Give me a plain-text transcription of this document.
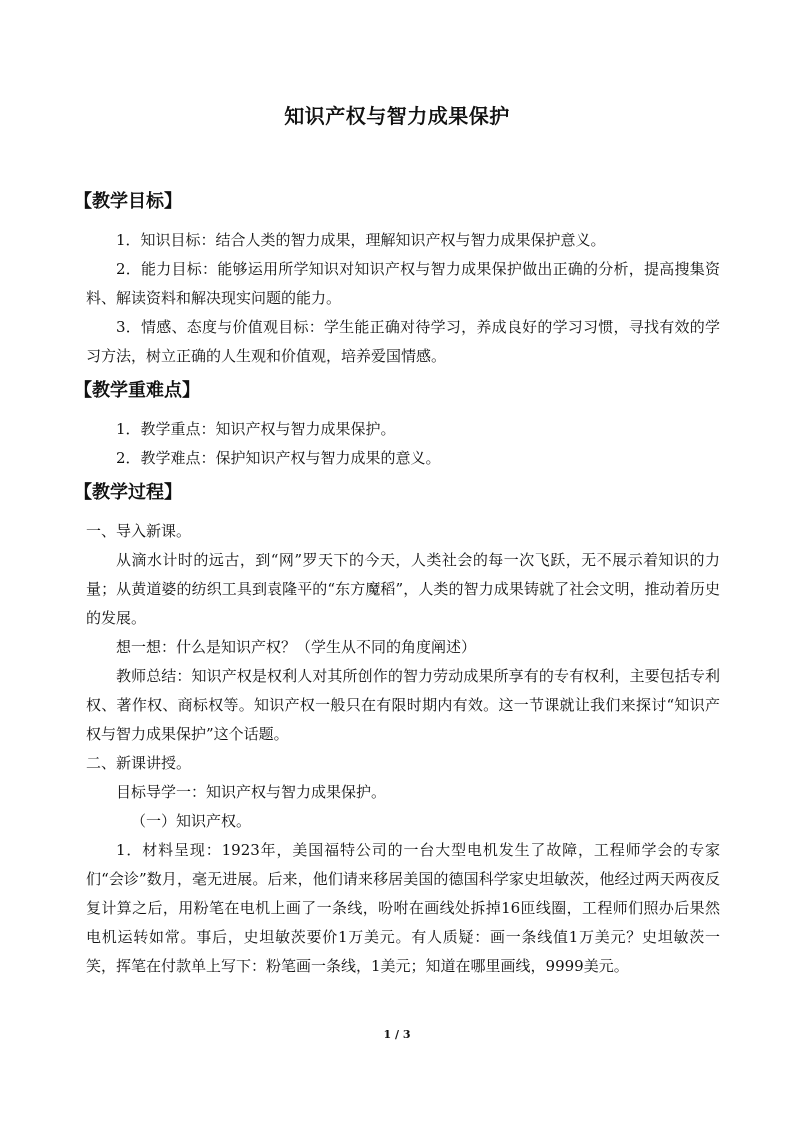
知识产权与智力成果保护
【教学目标】

1．知识目标：结合人类的智力成果，理解知识产权与智力成果保护意义。

2．能力目标：能够运用所学知识对知识产权与智力成果保护做出正确的分析，提高搜集资料、解读资料和解决现实问题的能力。

3．情感、态度与价值观目标：学生能正确对待学习，养成良好的学习习惯，寻找有效的学习方法，树立正确的人生观和价值观，培养爱国情感。

【教学重难点】

1．教学重点：知识产权与智力成果保护。

2．教学难点：保护知识产权与智力成果的意义。

【教学过程】

一、导入新课。

从滴水计时的远古，到“网”罗天下的今天，人类社会的每一次飞跃，无不展示着知识的力量；从黄道婆的纺织工具到袁隆平的“东方魔稻”，人类的智力成果铸就了社会文明，推动着历史的发展。

想一想：什么是知识产权？（学生从不同的角度阐述）

教师总结：知识产权是权利人对其所创作的智力劳动成果所享有的专有权利，主要包括专利权、著作权、商标权等。知识产权一般只在有限时期内有效。这一节课就让我们来探讨“知识产权与智力成果保护”这个话题。

二、新课讲授。

目标导学一：知识产权与智力成果保护。

（一）知识产权。

1．材料呈现：1923年，美国福特公司的一台大型电机发生了故障，工程师学会的专家们“会诊”数月，毫无进展。后来，他们请来移居美国的德国科学家史坦敏茨，他经过两天两夜反复计算之后，用粉笔在电机上画了一条线，吩咐在画线处拆掉16匝线圈，工程师们照办后果然电机运转如常。事后，史坦敏茨要价1万美元。有人质疑：画一条线值1万美元？史坦敏茨一笑，挥笔在付款单上写下：粉笔画一条线，1美元；知道在哪里画线，9999美元。

1 / 3
